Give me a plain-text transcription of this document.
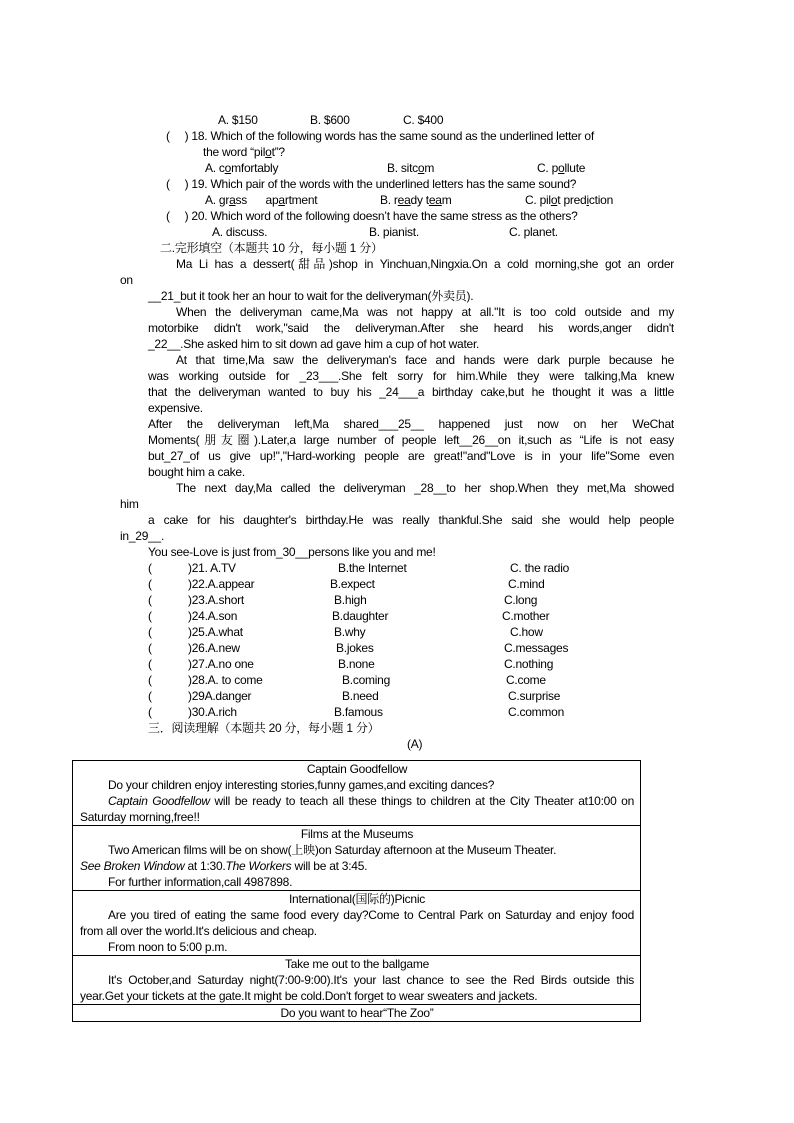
A. $150	B. $600	C. $400
(　 ) 18. Which of the following words has the same sound as the underlined letter of
the word “pilot”?
A. comfortably	B. sitcom	C. pollute
(　 ) 19. Which pair of the words with the underlined letters has the same sound?
A. grass apartment	B. ready team	C. pilot prediction
(　 ) 20. Which word of the following doesn’t have the same stress as the others?
A. discuss.	B. pianist.	C. planet.
二.完形填空（本题共 10 分，每小题 1 分）
Ma Li has a dessert(甜品)shop in Yinchuan,Ningxia.On a cold morning,she got an order
on
__21_but it took her an hour to wait for the deliveryman(外卖员).
When the deliveryman came,Ma was not happy at all."It is too cold outside and my
motorbike didn't work,"said the deliveryman.After she heard his words,anger didn't
_22__.She asked him to sit down ad gave him a cup of hot water.
At that time,Ma saw the deliveryman's face and hands were dark purple because he
was working outside for _23___.She felt sorry for him.While they were talking,Ma knew
that the deliveryman wanted to buy his _24___a birthday cake,but he thought it was a little
expensive.
After the deliveryman left,Ma shared___25__ happened just now on her WeChat
Moments(朋友圈).Later,a large number of people left__26__on it,such as “Life is not easy
but_27_of us give up!","Hard-working people are great!"and"Love is in your life"Some even
bought him a cake.
The next day,Ma called the deliveryman _28__to her shop.When they met,Ma showed
him
a cake for his daughter's birthday.He was really thankful.She said she would help people
in_29__.
You see-Love is just from_30__persons like you and me!
(	)21. A.TV	B.the Internet	C. the radio
(	)22.A.appear	B.expect	C.mind
(	)23.A.short	B.high	C.long
(	)24.A.son	B.daughter	C.mother
(	)25.A.what	B.why	C.how
(	)26.A.new	B.jokes	C.messages
(	)27.A.no one	B.none	C.nothing
(	)28.A. to come	B.coming	C.come
(	)29A.danger	B.need	C.surprise
(	)30.A.rich	B.famous	C.common
三．阅读理解（本题共 20 分，每小题 1 分）
(A)
Captain Goodfellow
Do your children enjoy interesting stories,funny games,and exciting dances?
Captain Goodfellow will be ready to teach all these things to children at the City Theater at10:00 on Saturday morning,free!!

Films at the Museums
Two American films will be on show(上映)on Saturday afternoon at the Museum Theater.
See Broken Window at 1:30.The Workers will be at 3:45.
For further information,call 4987898.

International(国际的)Picnic
Are you tired of eating the same food every day?Come to Central Park on Saturday and enjoy food from all over the world.It's delicious and cheap.
From noon to 5:00 p.m.

Take me out to the ballgame
It's October,and Saturday night(7:00-9:00).It's your last chance to see the Red Birds outside this year.Get your tickets at the gate.It might be cold.Don't forget to wear sweaters and jackets.

Do you want to hear“The Zoo”
